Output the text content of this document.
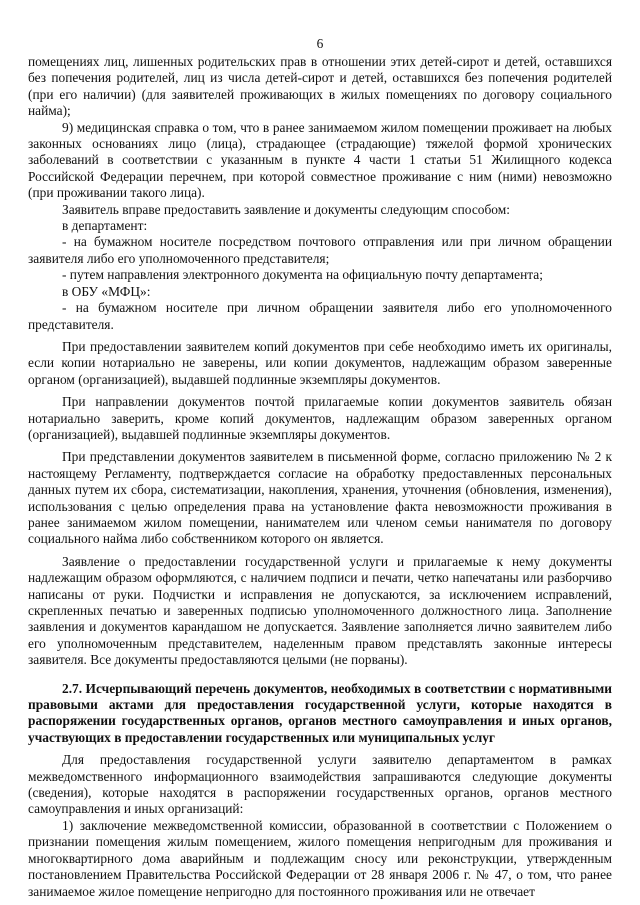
6

помещениях лиц, лишенных родительских прав в отношении этих детей-сирот и детей, оставшихся без попечения родителей, лиц из числа детей-сирот и детей, оставшихся без попечения родителей (при его наличии) (для заявителей проживающих в жилых помещениях по договору социального найма);

9) медицинская справка о том, что в ранее занимаемом жилом помещении проживает на любых законных основаниях лицо (лица), страдающее (страдающие) тяжелой формой хронических заболеваний в соответствии с указанным в пункте 4 части 1 статьи 51 Жилищного кодекса Российской Федерации перечнем, при которой совместное проживание с ним (ними) невозможно (при проживании такого лица).

Заявитель вправе предоставить заявление и документы следующим способом:

в департамент:

- на бумажном носителе посредством почтового отправления или при личном обращении заявителя либо его уполномоченного представителя;

- путем направления электронного документа на официальную почту департамента;

в ОБУ «МФЦ»:

- на бумажном носителе при личном обращении заявителя либо его уполномоченного представителя.

При предоставлении заявителем копий документов при себе необходимо иметь их оригиналы, если копии нотариально не заверены, или копии документов, надлежащим образом заверенные органом (организацией), выдавшей подлинные экземпляры документов.

При направлении документов почтой прилагаемые копии документов заявитель обязан нотариально заверить, кроме копий документов, надлежащим образом заверенных органом (организацией), выдавшей подлинные экземпляры документов.

При представлении документов заявителем в письменной форме, согласно приложению № 2 к настоящему Регламенту, подтверждается согласие на обработку предоставленных персональных данных путем их сбора, систематизации, накопления, хранения, уточнения (обновления, изменения), использования с целью определения права на установление факта невозможности проживания в ранее занимаемом жилом помещении, нанимателем или членом семьи нанимателя по договору социального найма либо собственником которого он является.

Заявление о предоставлении государственной услуги и прилагаемые к нему документы надлежащим образом оформляются, с наличием подписи и печати, четко напечатаны или разборчиво написаны от руки. Подчистки и исправления не допускаются, за исключением исправлений, скрепленных печатью и заверенных подписью уполномоченного должностного лица. Заполнение заявления и документов карандашом не допускается. Заявление заполняется лично заявителем либо его уполномоченным представителем, наделенным правом представлять законные интересы заявителя. Все документы предоставляются целыми (не порваны).

2.7. Исчерпывающий перечень документов, необходимых в соответствии с нормативными правовыми актами для предоставления государственной услуги, которые находятся в распоряжении государственных органов, органов местного самоуправления и иных органов, участвующих в предоставлении государственных или муниципальных услуг

Для предоставления государственной услуги заявителю департаментом в рамках межведомственного информационного взаимодействия запрашиваются следующие документы (сведения), которые находятся в распоряжении государственных органов, органов местного самоуправления и иных организаций:

1) заключение межведомственной комиссии, образованной в соответствии с Положением о признании помещения жилым помещением, жилого помещения непригодным для проживания и многоквартирного дома аварийным и подлежащим сносу или реконструкции, утвержденным постановлением Правительства Российской Федерации от 28 января 2006 г. № 47, о том, что ранее занимаемое жилое помещение непригодно для постоянного проживания или не отвечает
